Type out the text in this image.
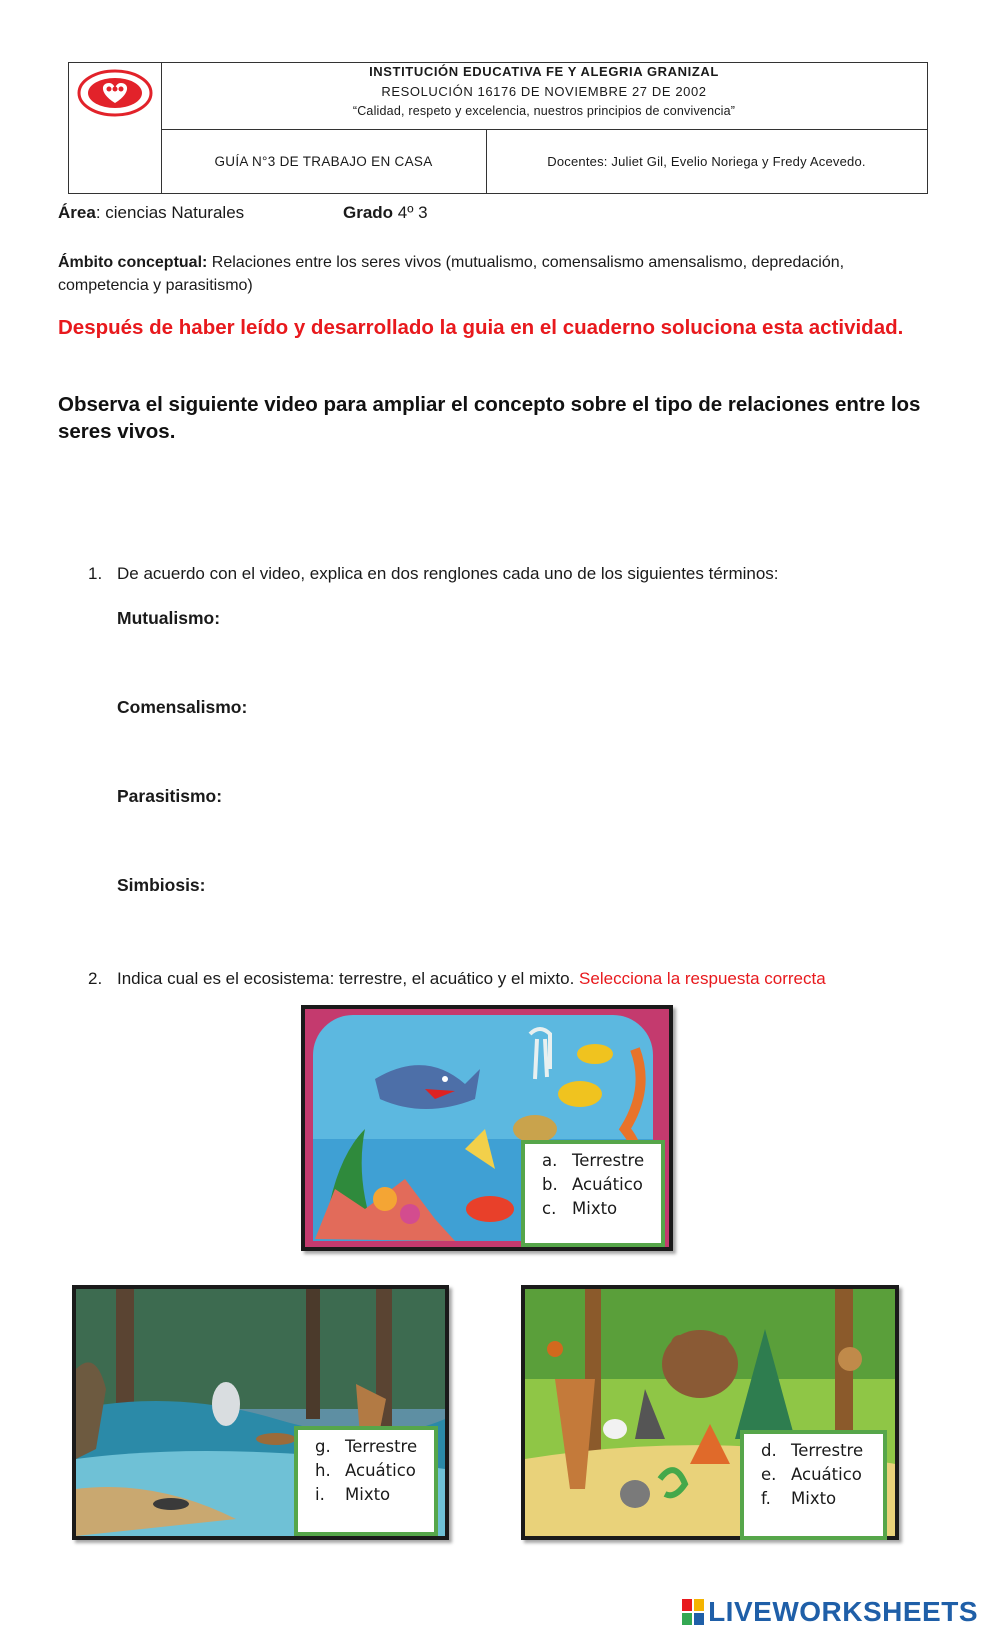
INSTITUCIÓN EDUCATIVA FE Y ALEGRIA GRANIZAL
RESOLUCIÓN 16176 DE NOVIEMBRE 27 DE 2002
“Calidad, respeto y excelencia, nuestros principios de convivencia”
GUÍA N°3 DE TRABAJO EN CASA	Docentes: Juliet Gil, Evelio Noriega y Fredy Acevedo.
Área: ciencias Naturales	Grado 4º 3
Ámbito conceptual: Relaciones entre los seres vivos (mutualismo, comensalismo amensalismo, depredación, competencia y parasitismo)
Después de haber leído y desarrollado la guia en el cuaderno soluciona esta actividad.
Observa el siguiente video para ampliar el concepto sobre el tipo de relaciones entre los seres vivos.
1. De acuerdo con el video, explica en dos renglones cada uno de los siguientes términos:
Mutualismo:
Comensalismo:
Parasitismo:
Simbiosis:
2. Indica cual es el ecosistema: terrestre, el acuático y el mixto. Selecciona la respuesta correcta
a. Terrestre
b. Acuático
c. Mixto
g. Terrestre
h. Acuático
i. Mixto
d. Terrestre
e. Acuático
f. Mixto
LIVEWORKSHEETS
